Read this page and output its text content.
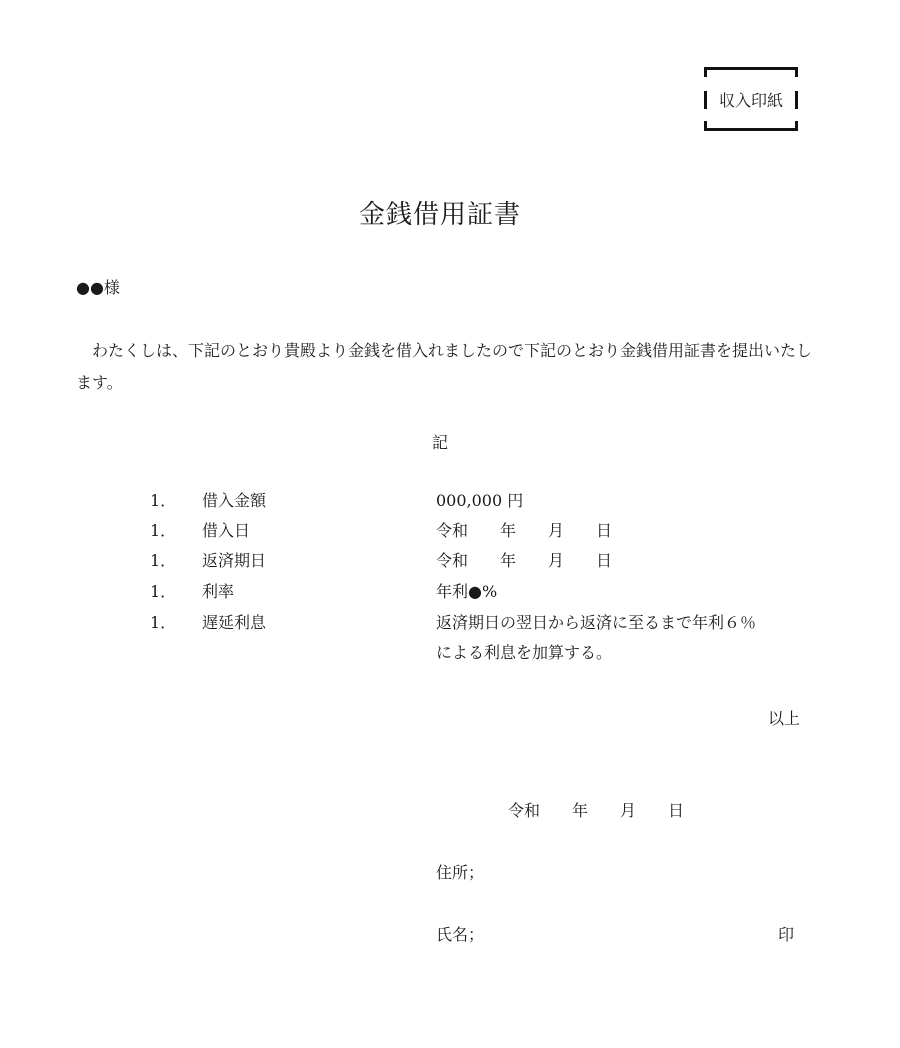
収入印紙
金銭借用証書
●●様
わたくしは、下記のとおり貴殿より金銭を借入れましたので下記のとおり金銭借用証書を提出いたします。
記
1． 借入金額	000,000 円
1． 借入日	令和　　年　　月　　日
1． 返済期日	令和　　年　　月　　日
1． 利率	年利●%
1． 遅延利息	返済期日の翌日から返済に至るまで年利６％
による利息を加算する。
以上
令和　　年　　月　　日
住所；
氏名；	印
